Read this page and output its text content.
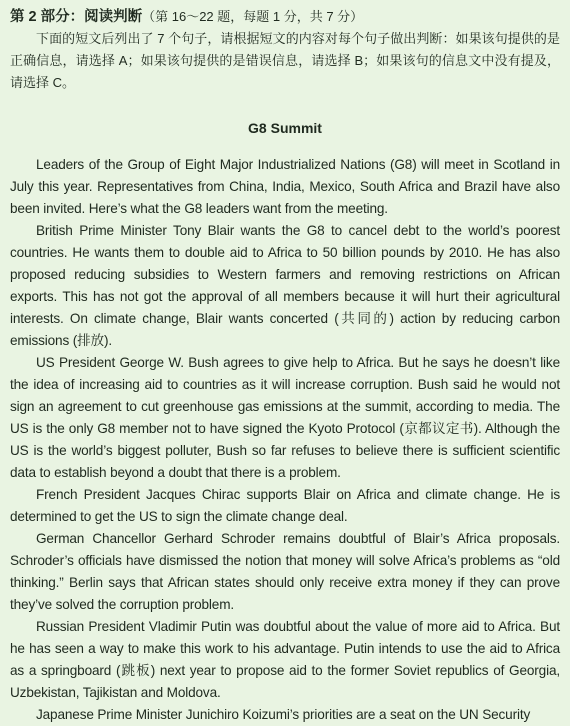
第 2 部分：阅读判断（第 16～22 题，每题 1 分，共 7 分）

下面的短文后列出了 7 个句子，请根据短文的内容对每个句子做出判断：如果该句提供的是正确信息，请选择 A；如果该句提供的是错误信息，请选择 B；如果该句的信息文中没有提及，请选择 C。

G8 Summit

Leaders of the Group of Eight Major Industrialized Nations (G8) will meet in Scotland in July this year. Representatives from China, India, Mexico, South Africa and Brazil have also been invited. Here’s what the G8 leaders want from the meeting.

British Prime Minister Tony Blair wants the G8 to cancel debt to the world’s poorest countries. He wants them to double aid to Africa to 50 billion pounds by 2010. He has also proposed reducing subsidies to Western farmers and removing restrictions on African exports. This has not got the approval of all members because it will hurt their agricultural interests. On climate change, Blair wants concerted (共同的) action by reducing carbon emissions (排放).

US President George W. Bush agrees to give help to Africa. But he says he doesn’t like the idea of increasing aid to countries as it will increase corruption. Bush said he would not sign an agreement to cut greenhouse gas emissions at the summit, according to media. The US is the only G8 member not to have signed the Kyoto Protocol (京都议定书). Although the US is the world’s biggest polluter, Bush so far refuses to believe there is sufficient scientific data to establish beyond a doubt that there is a problem.

French President Jacques Chirac supports Blair on Africa and climate change. He is determined to get the US to sign the climate change deal.

German Chancellor Gerhard Schroder remains doubtful of Blair’s Africa proposals. Schroder’s officials have dismissed the notion that money will solve Africa’s problems as “old thinking.” Berlin says that African states should only receive extra money if they can prove they’ve solved the corruption problem.

Russian President Vladimir Putin was doubtful about the value of more aid to Africa. But he has seen a way to make this work to his advantage. Putin intends to use the aid to Africa as a springboard (跳板) next year to propose aid to the former Soviet republics of Georgia, Uzbekistan, Tajikistan and Moldova.

Japanese Prime Minister Junichiro Koizumi’s priorities are a seat on the UN Security
